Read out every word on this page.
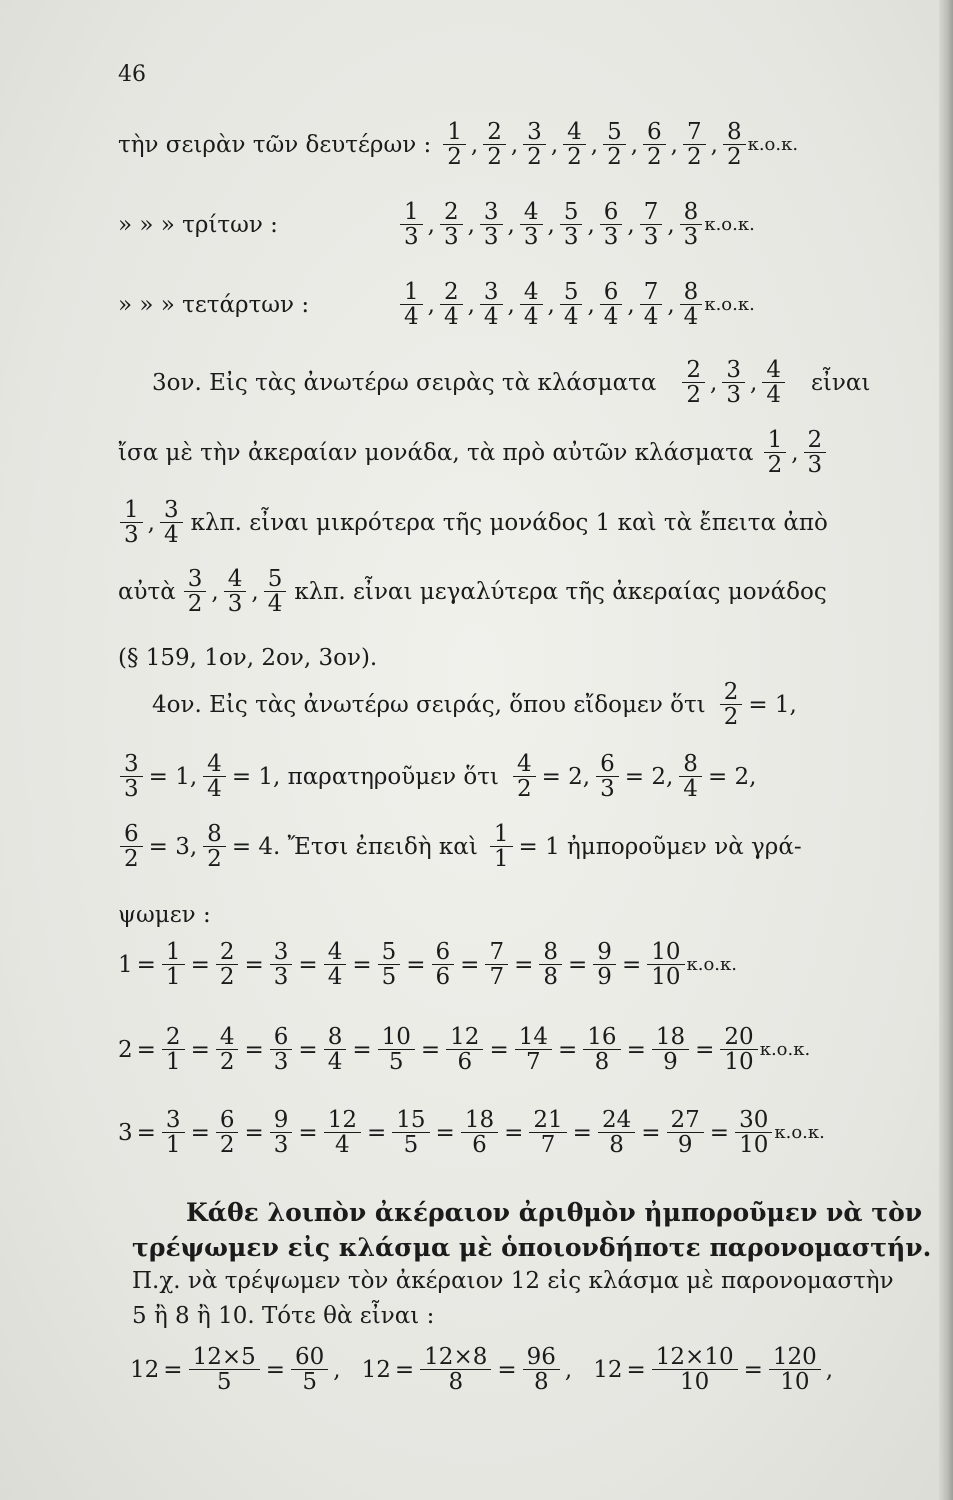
46
τὴν σειρὰν τῶν δευτέρων : $\frac{1}{2}$ , $\frac{2}{2}$ , $\frac{3}{2}$ , $\frac{4}{2}$ , $\frac{5}{2}$ , $\frac{6}{2}$ , $\frac{7}{2}$ , $\frac{8}{2} \kappa.o.\kappa$.
» » » τρίτων :	$\frac{1}{3}$ , $\frac{2}{3}$ , $\frac{3}{3}$ , $\frac{4}{3}$ , $\frac{5}{3}$ , $\frac{6}{3}$ , $\frac{7}{3}$ , $\frac{8}{3} \kappa.o.\kappa$.
» » » τετάρτων :	$\frac{1}{4}$ , $\frac{2}{4}$ , $\frac{3}{4}$ , $\frac{4}{4}$ , $\frac{5}{4}$ , $\frac{6}{4}$ , $\frac{7}{4}$ , $\frac{8}{4} \kappa.o.\kappa$.
3ον. Εἰς τὰς ἀνωτέρω σειρὰς τὰ κλάσματα $\frac{2}{2}$ , $\frac{3}{3}$ , $\frac{4}{4}$ εἶναι
ἴσα μὲ τὴν ἀκεραίαν μονάδα, τὰ πρὸ αὐτῶν κλάσματα $\frac{1}{2}$ , $\frac{2}{3}$
$\frac{1}{3}$ , $\frac{3}{4} \kappa\lambda\pi$. εἶναι μικρότερα τῆς μονάδος 1 καὶ τὰ ἔπειτα ἀπὸ
αὐτὰ $\frac{3}{2}$ , $\frac{4}{3}$ , $\frac{5}{4} \kappa\lambda\pi$. εἶναι μεγαλύτερα τῆς ἀκεραίας μονάδος
(§ 159, 1ον, 2ον, 3ον).
4ον. Εἰς τὰς ἀνωτέρω σειράς, ὅπου εἴδομεν ὅτι $\frac{2}{2} = 1$,
$\frac{3}{3} = 1$, $\frac{4}{4} = 1$, παρατηροῦμεν ὅτι $\frac{4}{2} = 2$, $\frac{6}{3} = 2$, $\frac{8}{4} = 2$,
$\frac{6}{2} = 3$, $\frac{8}{2} = 4$. Ἔτσι ἐπειδὴ καὶ $\frac{1}{1} = 1$ ἠμποροῦμεν νὰ γρά-
ψωμεν :
$1 = \frac{1}{1} = \frac{2}{2} = \frac{3}{3} = \frac{4}{4} = \frac{5}{5} = \frac{6}{6} = \frac{7}{7} = \frac{8}{8} = \frac{9}{9} = \frac{10}{10} \kappa.o.\kappa$.
$2 = \frac{2}{1} = \frac{4}{2} = \frac{6}{3} = \frac{8}{4} = \frac{10}{5} = \frac{12}{6} = \frac{14}{7} = \frac{16}{8} = \frac{18}{9} = \frac{20}{10} \kappa.o.\kappa$.
$3 = \frac{3}{1} = \frac{6}{2} = \frac{9}{3} = \frac{12}{4} = \frac{15}{5} = \frac{18}{6} = \frac{21}{7} = \frac{24}{8} = \frac{27}{9} = \frac{30}{10} \kappa.o.\kappa$.
Κάθε λοιπὸν ἀκέραιον ἀριθμὸν ἠμποροῦμεν νὰ τὸν
τρέψωμεν εἰς κλάσμα μὲ ὁποιονδήποτε παρονομαστήν.
Π.χ. νὰ τρέψωμεν τὸν ἀκέραιον 12 εἰς κλάσμα μὲ παρονομαστὴν
5 ἢ 8 ἢ 10. Τότε θὰ εἶναι :
$12 = \frac{12\times 5}{5} = \frac{60}{5}$ , $12 = \frac{12\times 8}{8} = \frac{96}{8}$ , $12 = \frac{12\times 10}{10} = \frac{120}{10}$ ,
